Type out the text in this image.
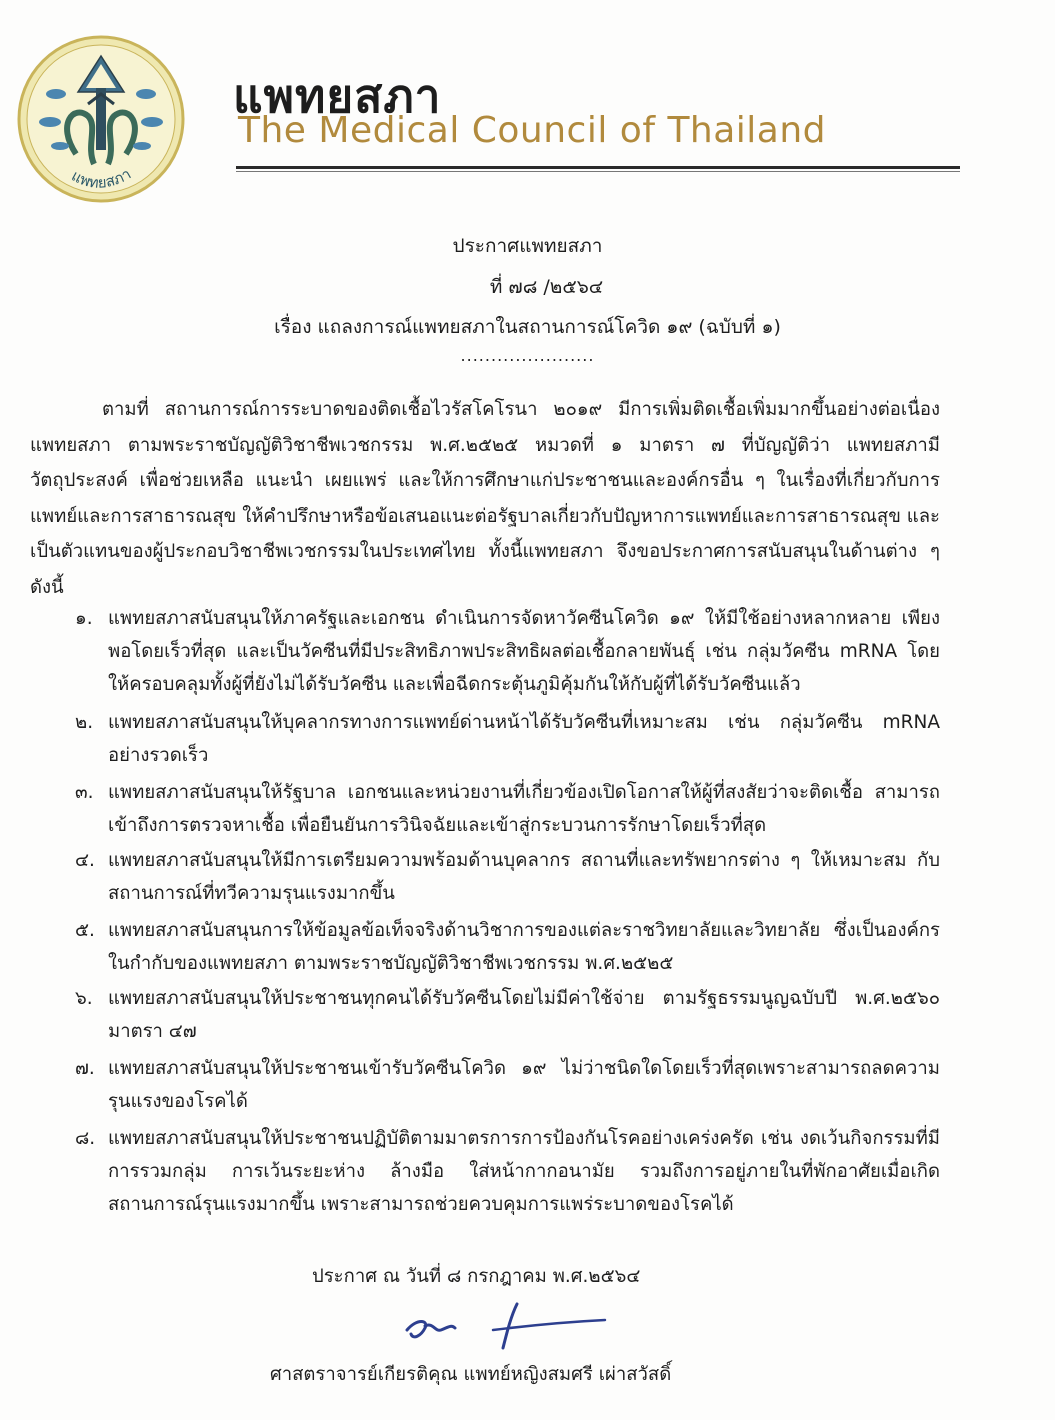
แพทยสภา
แพทยสภา
The Medical Council of Thailand
ประกาศแพทยสภา
ที่ ๗๘ /๒๕๖๔
เรื่อง แถลงการณ์แพทยสภาในสถานการณ์โควิด ๑๙ (ฉบับที่ ๑)
......................
ตามที่ สถานการณ์การระบาดของติดเชื้อไวรัสโคโรนา ๒๐๑๙ มีการเพิ่มติดเชื้อเพิ่มมากขึ้นอย่างต่อเนื่อง แพทยสภา ตามพระราชบัญญัติวิชาชีพเวชกรรม พ.ศ.๒๕๒๕ หมวดที่ ๑ มาตรา ๗ ที่บัญญัติว่า แพทยสภามีวัตถุประสงค์ เพื่อช่วยเหลือ แนะนำ เผยแพร่ และให้การศึกษาแก่ประชาชนและองค์กรอื่น ๆ ในเรื่องที่เกี่ยวกับการแพทย์และการสาธารณสุข ให้คำปรึกษาหรือข้อเสนอแนะต่อรัฐบาลเกี่ยวกับปัญหาการแพทย์และการสาธารณสุข และ เป็นตัวแทนของผู้ประกอบวิชาชีพเวชกรรมในประเทศไทย ทั้งนี้แพทยสภา จึงขอประกาศการสนับสนุนในด้านต่าง ๆ ดังนี้
๑. แพทยสภาสนับสนุนให้ภาครัฐและเอกชน ดำเนินการจัดหาวัคซีนโควิด ๑๙ ให้มีใช้อย่างหลากหลาย เพียงพอโดยเร็วที่สุด และเป็นวัคซีนที่มีประสิทธิภาพประสิทธิผลต่อเชื้อกลายพันธุ์ เช่น กลุ่มวัคซีน mRNA โดยให้ครอบคลุมทั้งผู้ที่ยังไม่ได้รับวัคซีน และเพื่อฉีดกระตุ้นภูมิคุ้มกันให้กับผู้ที่ได้รับวัคซีนแล้ว
๒. แพทยสภาสนับสนุนให้บุคลากรทางการแพทย์ด่านหน้าได้รับวัคซีนที่เหมาะสม เช่น กลุ่มวัคซีน mRNA อย่างรวดเร็ว
๓. แพทยสภาสนับสนุนให้รัฐบาล เอกชนและหน่วยงานที่เกี่ยวข้องเปิดโอกาสให้ผู้ที่สงสัยว่าจะติดเชื้อ สามารถเข้าถึงการตรวจหาเชื้อ เพื่อยืนยันการวินิจฉัยและเข้าสู่กระบวนการรักษาโดยเร็วที่สุด
๔. แพทยสภาสนับสนุนให้มีการเตรียมความพร้อมด้านบุคลากร สถานที่และทรัพยากรต่าง ๆ ให้เหมาะสม กับสถานการณ์ที่ทวีความรุนแรงมากขึ้น
๕. แพทยสภาสนับสนุนการให้ข้อมูลข้อเท็จจริงด้านวิชาการของแต่ละราชวิทยาลัยและวิทยาลัย ซึ่งเป็นองค์กรในกำกับของแพทยสภา ตามพระราชบัญญัติวิชาชีพเวชกรรม พ.ศ.๒๕๒๕
๖. แพทยสภาสนับสนุนให้ประชาชนทุกคนได้รับวัคซีนโดยไม่มีค่าใช้จ่าย ตามรัฐธรรมนูญฉบับปี พ.ศ.๒๕๖๐ มาตรา ๔๗
๗. แพทยสภาสนับสนุนให้ประชาชนเข้ารับวัคซีนโควิด ๑๙ ไม่ว่าชนิดใดโดยเร็วที่สุดเพราะสามารถลดความรุนแรงของโรคได้
๘. แพทยสภาสนับสนุนให้ประชาชนปฏิบัติตามมาตรการการป้องกันโรคอย่างเคร่งครัด เช่น งดเว้นกิจกรรมที่มีการรวมกลุ่ม การเว้นระยะห่าง ล้างมือ ใส่หน้ากากอนามัย รวมถึงการอยู่ภายในที่พักอาศัยเมื่อเกิดสถานการณ์รุนแรงมากขึ้น เพราะสามารถช่วยควบคุมการแพร่ระบาดของโรคได้
ประกาศ ณ วันที่ ๘ กรกฎาคม พ.ศ.๒๕๖๔
ศาสตราจารย์เกียรติคุณ แพทย์หญิงสมศรี เผ่าสวัสดิ์
